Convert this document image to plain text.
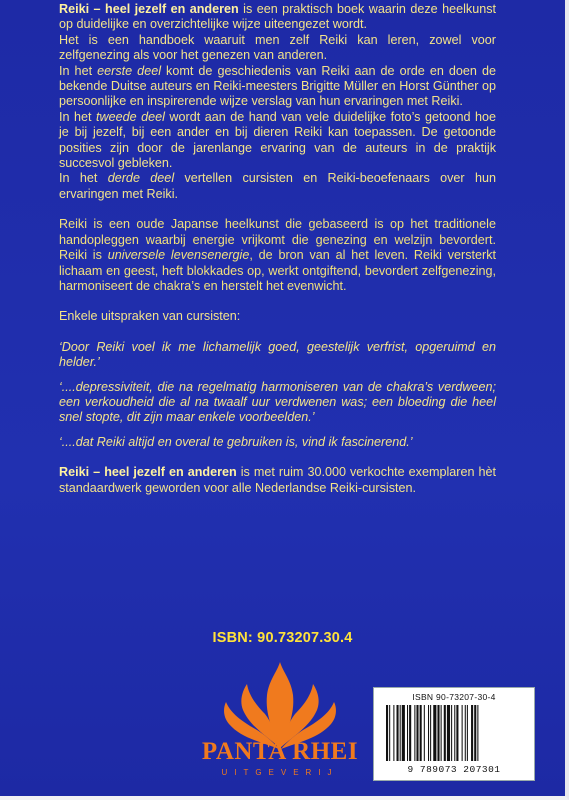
Reiki – heel jezelf en anderen is een praktisch boek waarin deze heelkunst op duidelijke en overzichtelijke wijze uiteengezet wordt.

Het is een handboek waaruit men zelf Reiki kan leren, zowel voor zelfgenezing als voor het genezen van anderen.

In het eerste deel komt de geschiedenis van Reiki aan de orde en doen de bekende Duitse auteurs en Reiki-meesters Brigitte Müller en Horst Günther op persoonlijke en inspirerende wijze verslag van hun ervaringen met Reiki.

In het tweede deel wordt aan de hand van vele duidelijke foto’s getoond hoe je bij jezelf, bij een ander en bij dieren Reiki kan toepassen. De getoonde posities zijn door de jarenlange ervaring van de auteurs in de praktijk succesvol gebleken.

In het derde deel vertellen cursisten en Reiki-beoefenaars over hun ervaringen met Reiki.

Reiki is een oude Japanse heelkunst die gebaseerd is op het traditionele handopleggen waarbij energie vrijkomt die genezing en welzijn bevordert. Reiki is universele levensenergie, de bron van al het leven. Reiki versterkt lichaam en geest, heft blokkades op, werkt ontgiftend, bevordert zelfgenezing, harmoniseert de chakra’s en herstelt het evenwicht.

Enkele uitspraken van cursisten:

‘Door Reiki voel ik me lichamelijk goed, geestelijk verfrist, opgeruimd en helder.’

‘....depressiviteit, die na regelmatig harmoniseren van de chakra’s verdween; een verkoudheid die al na twaalf uur verdwenen was; een bloeding die heel snel stopte, dit zijn maar enkele voorbeelden.’

‘....dat Reiki altijd en overal te gebruiken is, vind ik fascinerend.’

Reiki – heel jezelf en anderen is met ruim 30.000 verkochte exemplaren hèt standaardwerk geworden voor alle Nederlandse Reiki-cursisten.

ISBN: 90.73207.30.4
PANTA RHEI
UITGEVERIJ
ISBN 90-73207-30-4
9 789073 207301
